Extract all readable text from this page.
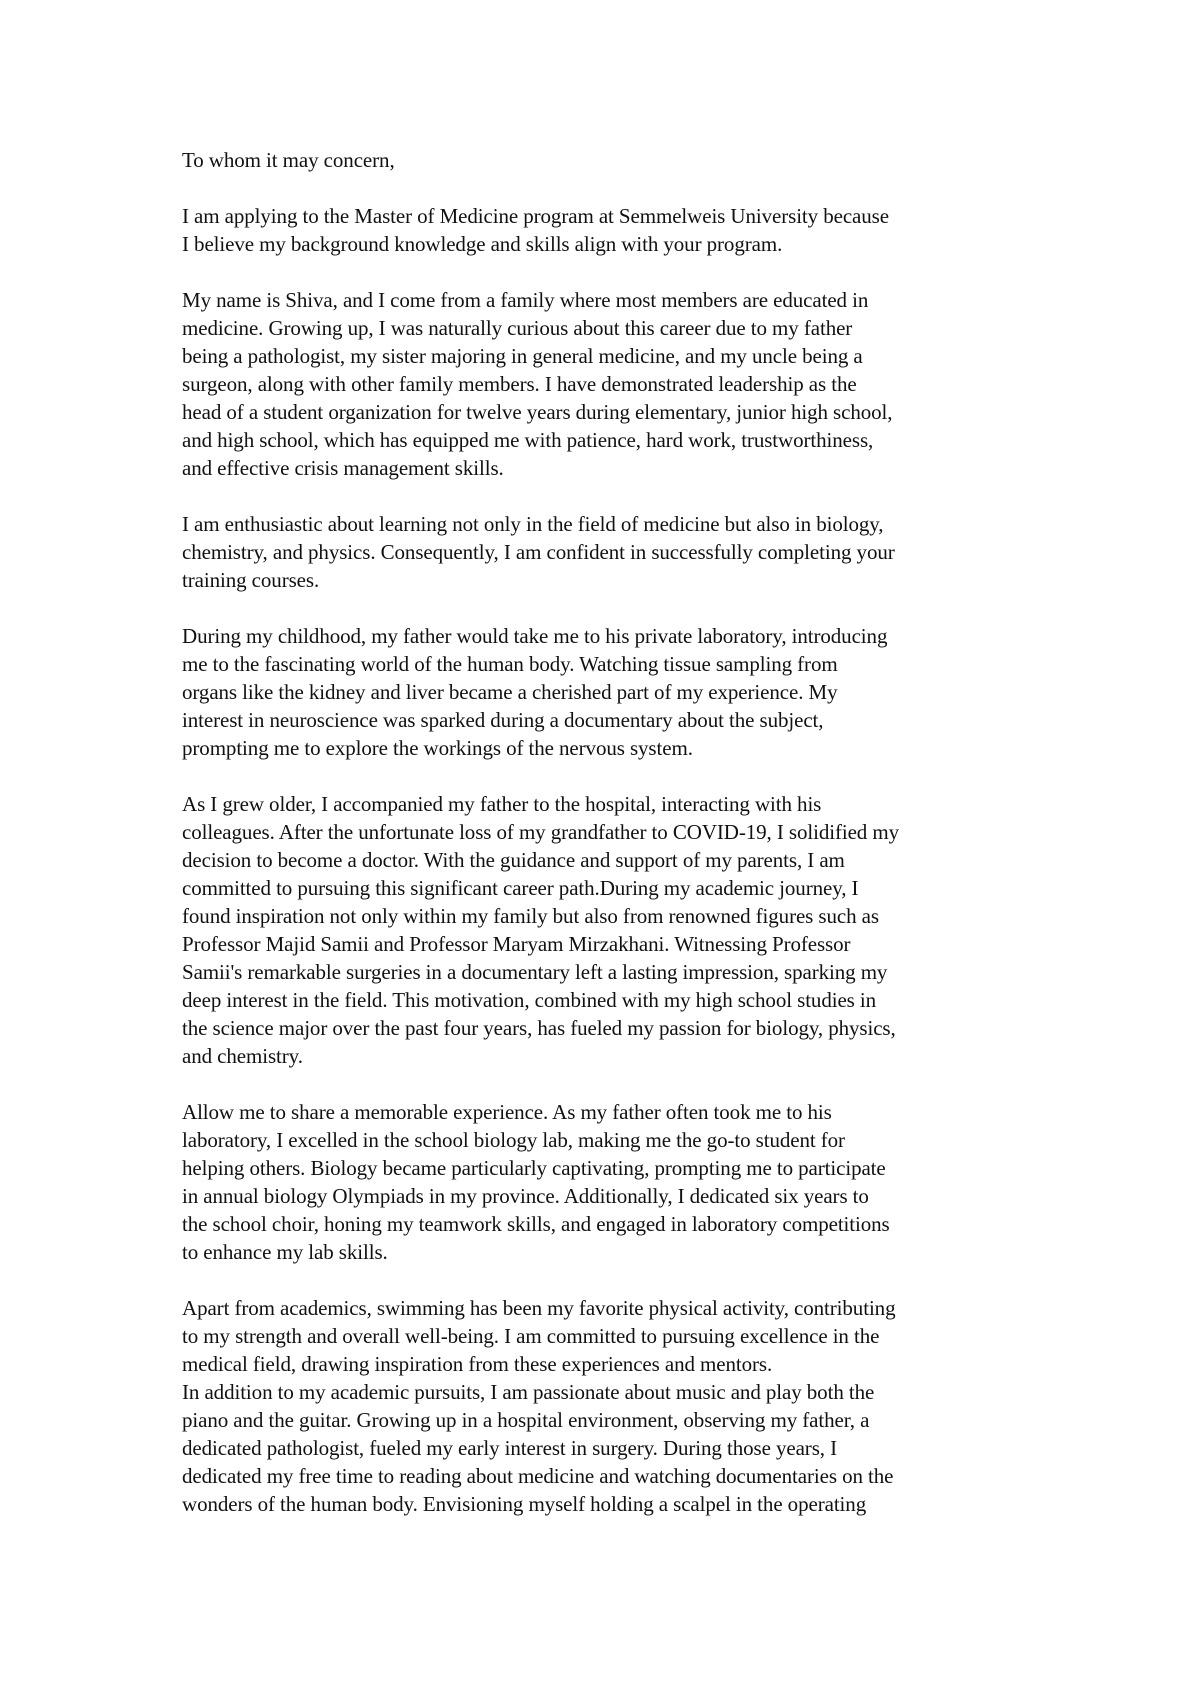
To whom it may concern,
I am applying to the Master of Medicine program at Semmelweis University because
I believe my background knowledge and skills align with your program.
My name is Shiva, and I come from a family where most members are educated in
medicine. Growing up, I was naturally curious about this career due to my father
being a pathologist, my sister majoring in general medicine, and my uncle being a
surgeon, along with other family members. I have demonstrated leadership as the
head of a student organization for twelve years during elementary, junior high school,
and high school, which has equipped me with patience, hard work, trustworthiness,
and effective crisis management skills.
I am enthusiastic about learning not only in the field of medicine but also in biology,
chemistry, and physics. Consequently, I am confident in successfully completing your
training courses.
During my childhood, my father would take me to his private laboratory, introducing
me to the fascinating world of the human body. Watching tissue sampling from
organs like the kidney and liver became a cherished part of my experience. My
interest in neuroscience was sparked during a documentary about the subject,
prompting me to explore the workings of the nervous system.
As I grew older, I accompanied my father to the hospital, interacting with his
colleagues. After the unfortunate loss of my grandfather to COVID-19, I solidified my
decision to become a doctor. With the guidance and support of my parents, I am
committed to pursuing this significant career path.During my academic journey, I
found inspiration not only within my family but also from renowned figures such as
Professor Majid Samii and Professor Maryam Mirzakhani. Witnessing Professor
Samii's remarkable surgeries in a documentary left a lasting impression, sparking my
deep interest in the field. This motivation, combined with my high school studies in
the science major over the past four years, has fueled my passion for biology, physics,
and chemistry.
Allow me to share a memorable experience. As my father often took me to his
laboratory, I excelled in the school biology lab, making me the go-to student for
helping others. Biology became particularly captivating, prompting me to participate
in annual biology Olympiads in my province. Additionally, I dedicated six years to
the school choir, honing my teamwork skills, and engaged in laboratory competitions
to enhance my lab skills.
Apart from academics, swimming has been my favorite physical activity, contributing
to my strength and overall well-being. I am committed to pursuing excellence in the
medical field, drawing inspiration from these experiences and mentors.
In addition to my academic pursuits, I am passionate about music and play both the
piano and the guitar. Growing up in a hospital environment, observing my father, a
dedicated pathologist, fueled my early interest in surgery. During those years, I
dedicated my free time to reading about medicine and watching documentaries on the
wonders of the human body. Envisioning myself holding a scalpel in the operating
